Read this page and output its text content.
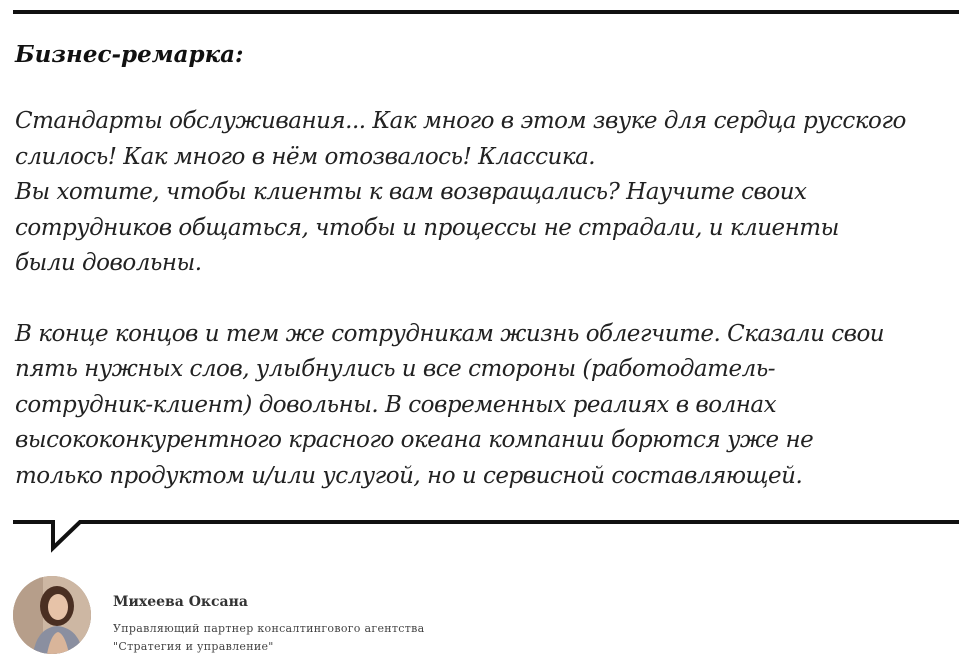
Бизнес-ремарка:

Стандарты обслуживания... Как много в этом звуке для сердца русского
слилось! Как много в нём отозвалось! Классика.
Вы хотите, чтобы клиенты к вам возвращались? Научите своих
сотрудников общаться, чтобы и процессы не страдали, и клиенты
были довольны.

В конце концов и тем же сотрудникам жизнь облегчите. Сказали свои
пять нужных слов, улыбнулись и все стороны (работодатель-
сотрудник-клиент) довольны. В современных реалиях в волнах
высококонкурентного красного океана компании борются уже не
только продуктом и/или услугой, но и сервисной составляющей.

Михеева Оксана
Управляющий партнер консалтингового агентства
"Стратегия и управление"
